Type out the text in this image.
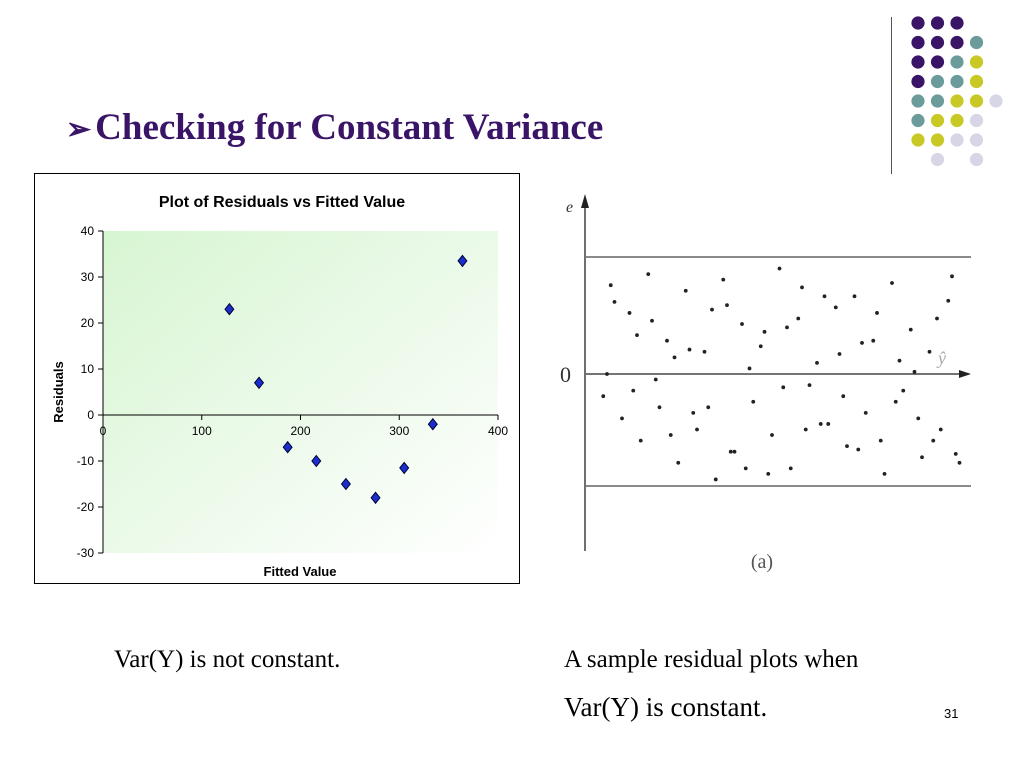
➢ Checking for Constant Variance
Plot of Residuals vs Fitted Value
Fitted Value
Residuals
-30
-20
-10
0
10
20
30
40
0	100	200	300	400
e
0
ŷ
(a)
Var(Y) is not constant.	A sample residual plots when
Var(Y) is constant.	31
